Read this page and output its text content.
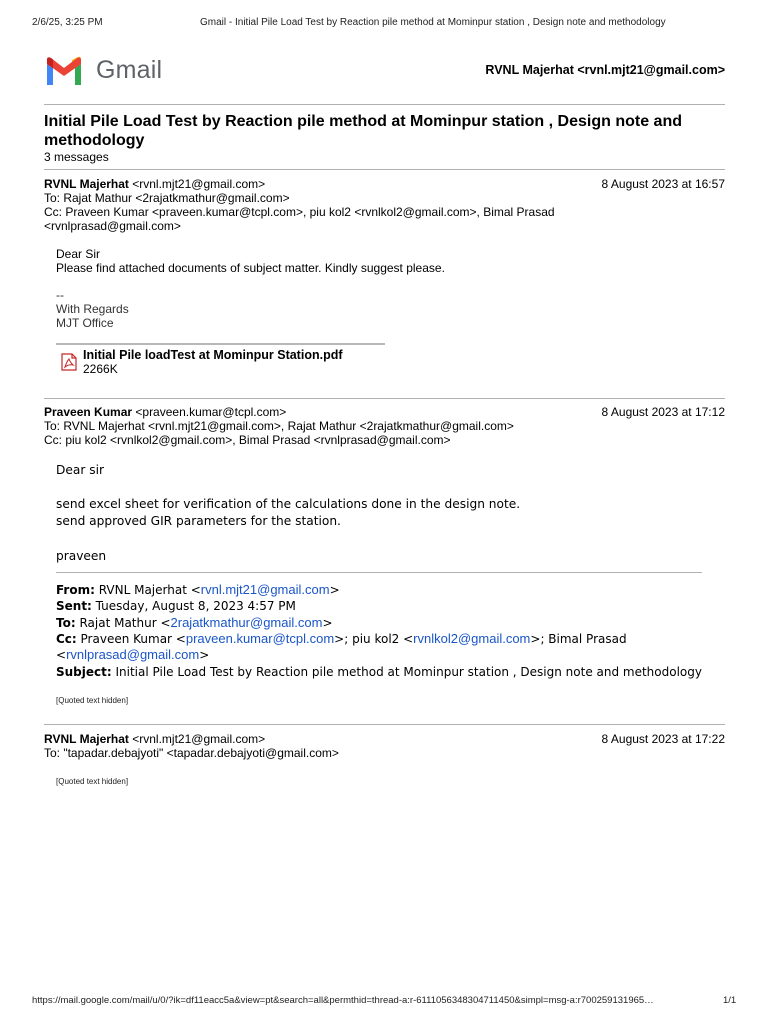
2/6/25, 3:25 PM	Gmail - Initial Pile Load Test by Reaction pile method at Mominpur station , Design note and methodology
Gmail	RVNL Majerhat <rvnl.mjt21@gmail.com>
Initial Pile Load Test by Reaction pile method at Mominpur station , Design note and methodology
3 messages
RVNL Majerhat <rvnl.mjt21@gmail.com>	8 August 2023 at 16:57
To: Rajat Mathur <2rajatkmathur@gmail.com>
Cc: Praveen Kumar <praveen.kumar@tcpl.com>, piu kol2 <rvnlkol2@gmail.com>, Bimal Prasad
<rvnlprasad@gmail.com>
Dear Sir
Please find attached documents of subject matter. Kindly suggest please.
--
With Regards
MJT Office
Initial Pile loadTest at Mominpur Station.pdf
2266K
Praveen Kumar <praveen.kumar@tcpl.com>	8 August 2023 at 17:12
To: RVNL Majerhat <rvnl.mjt21@gmail.com>, Rajat Mathur <2rajatkmathur@gmail.com>
Cc: piu kol2 <rvnlkol2@gmail.com>, Bimal Prasad <rvnlprasad@gmail.com>
Dear sir
send excel sheet for verification of the calculations done in the design note.
send approved GIR parameters for the station.
praveen
From: RVNL Majerhat <rvnl.mjt21@gmail.com>
Sent: Tuesday, August 8, 2023 4:57 PM
To: Rajat Mathur <2rajatkmathur@gmail.com>
Cc: Praveen Kumar <praveen.kumar@tcpl.com>; piu kol2 <rvnlkol2@gmail.com>; Bimal Prasad
<rvnlprasad@gmail.com>
Subject: Initial Pile Load Test by Reaction pile method at Mominpur station , Design note and methodology
[Quoted text hidden]
RVNL Majerhat <rvnl.mjt21@gmail.com>	8 August 2023 at 17:22
To: "tapadar.debajyoti" <tapadar.debajyoti@gmail.com>
[Quoted text hidden]
https://mail.google.com/mail/u/0/?ik=df11eacc5a&view=pt&search=all&permthid=thread-a:r-6111056348304711450&simpl=msg-a:r700259131965…	1/1
